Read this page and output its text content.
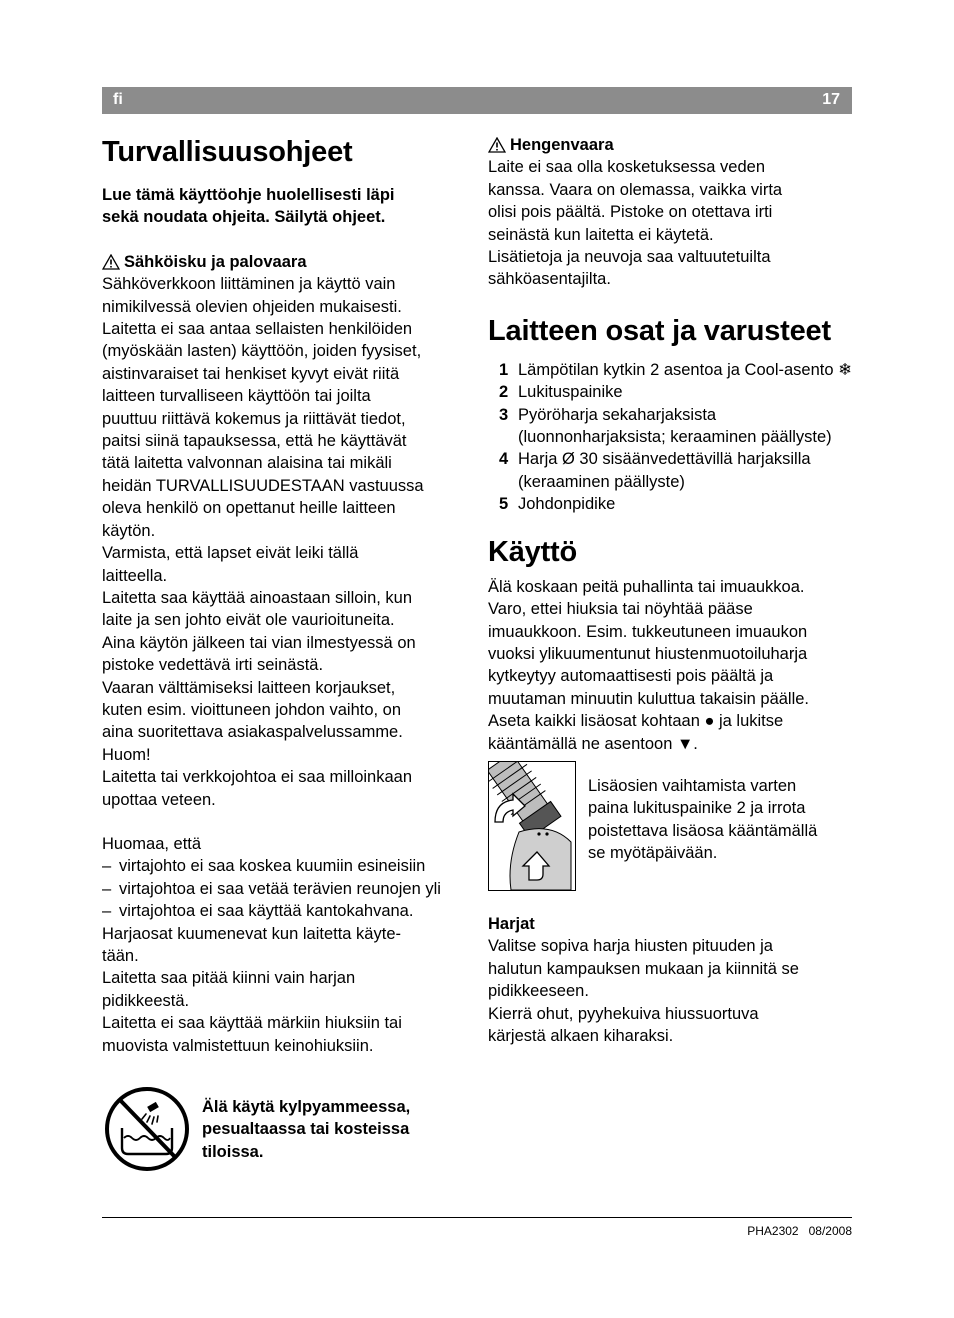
fi	17
Turvallisuusohjeet
Lue tämä käyttöohje huolellisesti läpi
sekä noudata ohjeita. Säilytä ohjeet.
Sähköisku ja palovaara
Sähköverkkoon liittäminen ja käyttö vain
nimikilvessä olevien ohjeiden mukaisesti.
Laitetta ei saa antaa sellaisten henkilöiden
(myöskään lasten) käyttöön, joiden fyysiset,
aistinvaraiset tai henkiset kyvyt eivät riitä
laitteen turvalliseen käyttöön tai joilta
puuttuu riittävä kokemus ja riittävät tiedot,
paitsi siinä tapauksessa, että he käyttävät
tätä laitetta valvonnan alaisina tai mikäli
heidän TURVALLISUUDESTAAN vastuussa
oleva henkilö on opettanut heille laitteen
käytön.
Varmista, että lapset eivät leiki tällä
laitteella.
Laitetta saa käyttää ainoastaan silloin, kun
laite ja sen johto eivät ole vaurioituneita.
Aina käytön jälkeen tai vian ilmestyessä on
pistoke vedettävä irti seinästä.
Vaaran välttämiseksi laitteen korjaukset,
kuten esim. vioittuneen johdon vaihto, on
aina suoritettava asiakaspalvelussamme.
Huom!
Laitetta tai verkkojohtoa ei saa milloinkaan
upottaa veteen.
Huomaa, että
– virtajohto ei saa koskea kuumiin esineisiin
– virtajohtoa ei saa vetää terävien reunojen yli
– virtajohtoa ei saa käyttää kantokahvana.
Harjaosat kuumenevat kun laitetta käyte-
tään.
Laitetta saa pitää kiinni vain harjan
pidikkeestä.
Laitetta ei saa käyttää märkiin hiuksiin tai
muovista valmistettuun keinohiuksiin.
Älä käytä kylpyammeessa,
pesualtaassa tai kosteissa
tiloissa.
Hengenvaara
Laite ei saa olla kosketuksessa veden
kanssa. Vaara on olemassa, vaikka virta
olisi pois päältä. Pistoke on otettava irti
seinästä kun laitetta ei käytetä.
Lisätietoja ja neuvoja saa valtuutetuilta
sähköasentajilta.
Laitteen osat ja varusteet
1 Lämpötilan kytkin 2 asentoa ja Cool-asento ❄
2 Lukituspainike
3 Pyöröharja sekaharjaksista (luonnonharjaksista; keraaminen päällyste)
4 Harja Ø 30 sisäänvedettävillä harjaksilla (keraaminen päällyste)
5 Johdonpidike
Käyttö
Älä koskaan peitä puhallinta tai imuaukkoa.
Varo, ettei hiuksia tai nöyhtää pääse
imuaukkoon. Esim. tukkeutuneen imuaukon
vuoksi ylikuumentunut hiustenmuotoiluharja
kytkeytyy automaattisesti pois päältä ja
muutaman minuutin kuluttua takaisin päälle.
Aseta kaikki lisäosat kohtaan ● ja lukitse
kääntämällä ne asentoon ▼.
Lisäosien vaihtamista varten
paina lukituspainike 2 ja irrota
poistettava lisäosa kääntämällä
se myötäpäivään.
Harjat
Valitse sopiva harja hiusten pituuden ja
halutun kampauksen mukaan ja kiinnitä se
pidikkeeseen.
Kierrä ohut, pyyhekuiva hiussuortuva
kärjestä alkaen kiharaksi.
PHA2302 08/2008
